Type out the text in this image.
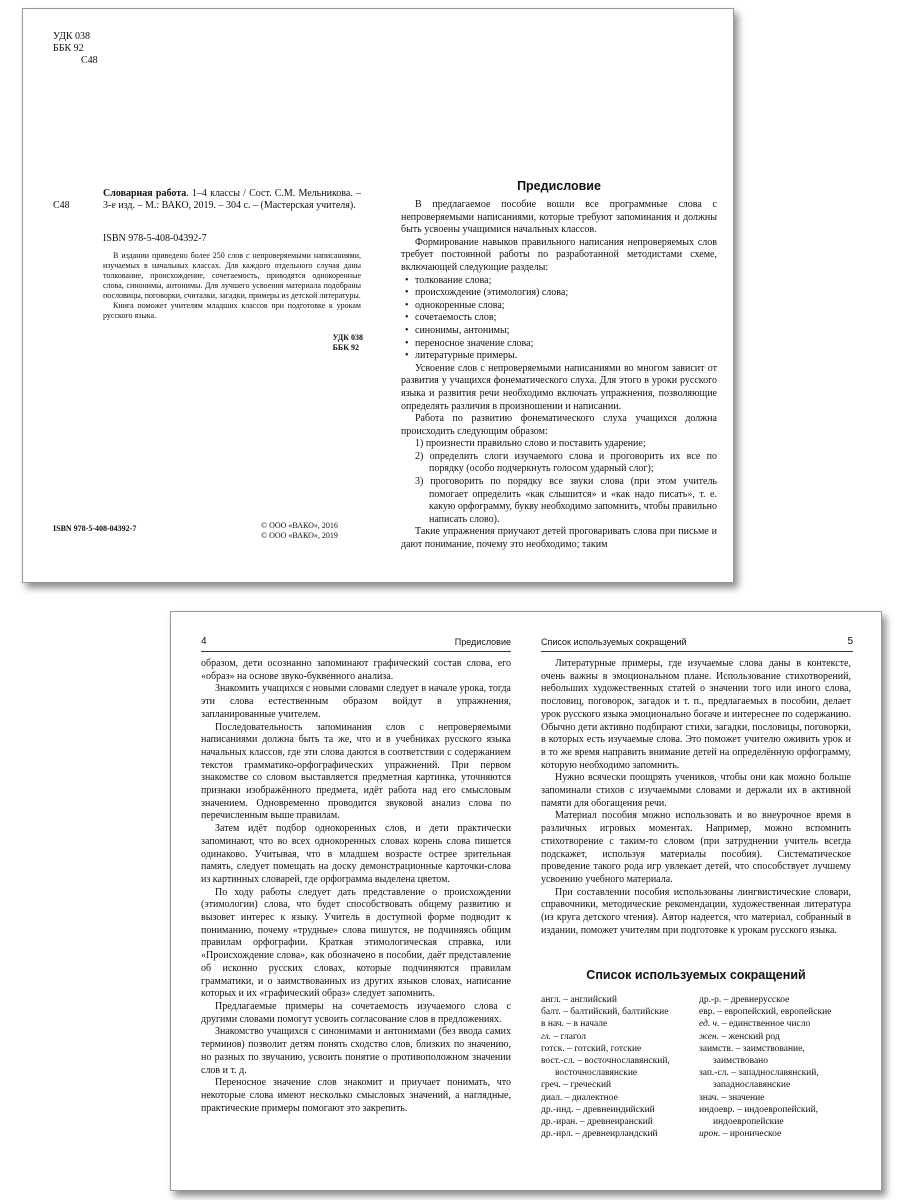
УДК 038
ББК 92
С48
С48
Словарная работа. 1–4 классы / Сост. С.М. Мельникова. – 3-е изд. – М.: ВАКО, 2019. – 304 с. – (Мастерская учителя).
ISBN 978-5-408-04392-7

В издании приведено более 250 слов с непроверяемыми написаниями, изучаемых в начальных классах. Для каждого отдельного случая даны толкование, происхождение, сочетаемость, приводятся однокоренные слова, синонимы, антонимы. Для лучшего усвоения материала подобраны пословицы, поговорки, считалки, загадки, примеры из детской литературы.

Книга поможет учителям младших классов при подготовке к урокам русского языка.

УДК 038
ББК 92
ISBN 978-5-408-04392-7	© ООО «ВАКО», 2016
© ООО «ВАКО», 2019
Предисловие

В предлагаемое пособие вошли все программные слова с непроверяемыми написаниями, которые требуют запоминания и должны быть усвоены учащимися начальных классов.

Формирование навыков правильного написания непроверяемых слов требует постоянной работы по разработанной методистами схеме, включающей следующие разделы:

• толкование слова;
• происхождение (этимология) слова;
• однокоренные слова;
• сочетаемость слов;
• синонимы, антонимы;
• переносное значение слова;
• литературные примеры.

Усвоение слов с непроверяемыми написаниями во многом зависит от развития у учащихся фонематического слуха. Для этого в уроки русского языка и развития речи необходимо включать упражнения, позволяющие определять различия в произношении и написании.

Работа по развитию фонематического слуха учащихся должна происходить следующим образом:

1) произнести правильно слово и поставить ударение;
2) определить слоги изучаемого слова и проговорить их все по порядку (особо подчеркнуть голосом ударный слог);
3) проговорить по порядку все звуки слова (при этом учитель помогает определить «как слышится» и «как надо писать», т. е. какую орфограмму, букву необходимо запомнить, чтобы правильно написать слово).

Такие упражнения приучают детей проговаривать слова при письме и дают понимание, почему это необходимо; таким

4	Предисловие

образом, дети осознанно запоминают графический состав слова, его «образ» на основе звуко-буквенного анализа.

Знакомить учащихся с новыми словами следует в начале урока, тогда эти слова естественным образом войдут в упражнения, запланированные учителем.

Последовательность запоминания слов с непроверяемыми написаниями должна быть та же, что и в учебниках русского языка начальных классов, где эти слова даются в соответствии с содержанием текстов грамматико-орфографических упражнений. При первом знакомстве со словом выставляется предметная картинка, уточняются признаки изображённого предмета, идёт работа над его смысловым значением. Одновременно проводится звуковой анализ слова по перечисленным выше правилам.

Затем идёт подбор однокоренных слов, и дети практически запоминают, что во всех однокоренных словах корень слова пишется одинаково. Учитывая, что в младшем возрасте острее зрительная память, следует помещать на доску демонстрационные карточки-слова из картинных словарей, где орфограмма выделена цветом.

По ходу работы следует дать представление о происхождении (этимологии) слова, что будет способствовать общему развитию и вызовет интерес к языку. Учитель в доступной форме подводит к пониманию, почему «трудные» слова пишутся, не подчиняясь общим правилам орфографии. Краткая этимологическая справка, или «Происхождение слова», как обозначено в пособии, даёт представление об исконно русских словах, которые подчиняются правилам грамматики, и о заимствованных из других языков словах, написание которых и их «графический образ» следует запомнить.

Предлагаемые примеры на сочетаемость изучаемого слова с другими словами помогут усвоить согласование слов в предложениях.

Знакомство учащихся с синонимами и антонимами (без ввода самих терминов) позволит детям понять сходство слов, близких по значению, но разных по звучанию, усвоить понятие о противоположном значении слов и т. д.

Переносное значение слов знакомит и приучает понимать, что некоторые слова имеют несколько смысловых значений, а наглядные, практические примеры помогают это закрепить.

Список используемых сокращений	5

Литературные примеры, где изучаемые слова даны в контексте, очень важны в эмоциональном плане. Использование стихотворений, небольших художественных статей о значении того или иного слова, пословиц, поговорок, загадок и т. п., предлагаемых в пособии, делает урок русского языка эмоционально богаче и интереснее по содержанию. Обычно дети активно подбирают стихи, загадки, пословицы, поговорки, в которых есть изучаемые слова. Это поможет учителю оживить урок и в то же время направить внимание детей на определённую орфограмму, которую необходимо запомнить.

Нужно всячески поощрять учеников, чтобы они как можно больше запоминали стихов с изучаемыми словами и держали их в активной памяти для обогащения речи.

Материал пособия можно использовать и во внеурочное время в различных игровых моментах. Например, можно вспомнить стихотворение с таким-то словом (при затруднении учитель всегда подскажет, используя материалы пособия). Систематическое проведение такого рода игр увлекает детей, что способствует лучшему усвоению учебного материала.

При составлении пособия использованы лингвистические словари, справочники, методические рекомендации, художественная литература (из круга детского чтения). Автор надеется, что материал, собранный в издании, поможет учителям при подготовке к урокам русского языка.

Список используемых сокращений
англ. – английский
балт. – балтийский, балтийские
в нач. – в начале
гл. – глагол
готск. – готский, готские
вост.-сл. – восточнославянский, восточнославянские
греч. – греческий
диал. – диалектное
др.-инд. – древнеиндийский
др.-иран. – древнеиранский
др.-ирл. – древнеирландский
др.-р. – древнерусское
евр. – европейский, европейские
ед. ч. – единственное число
жен. – женский род
заимств. – заимствование, заимствовано
зап.-сл. – западнославянский, западнославянские
знач. – значение
индоевр. – индоевропейский, индоевропейские
ирон. – ироническое
